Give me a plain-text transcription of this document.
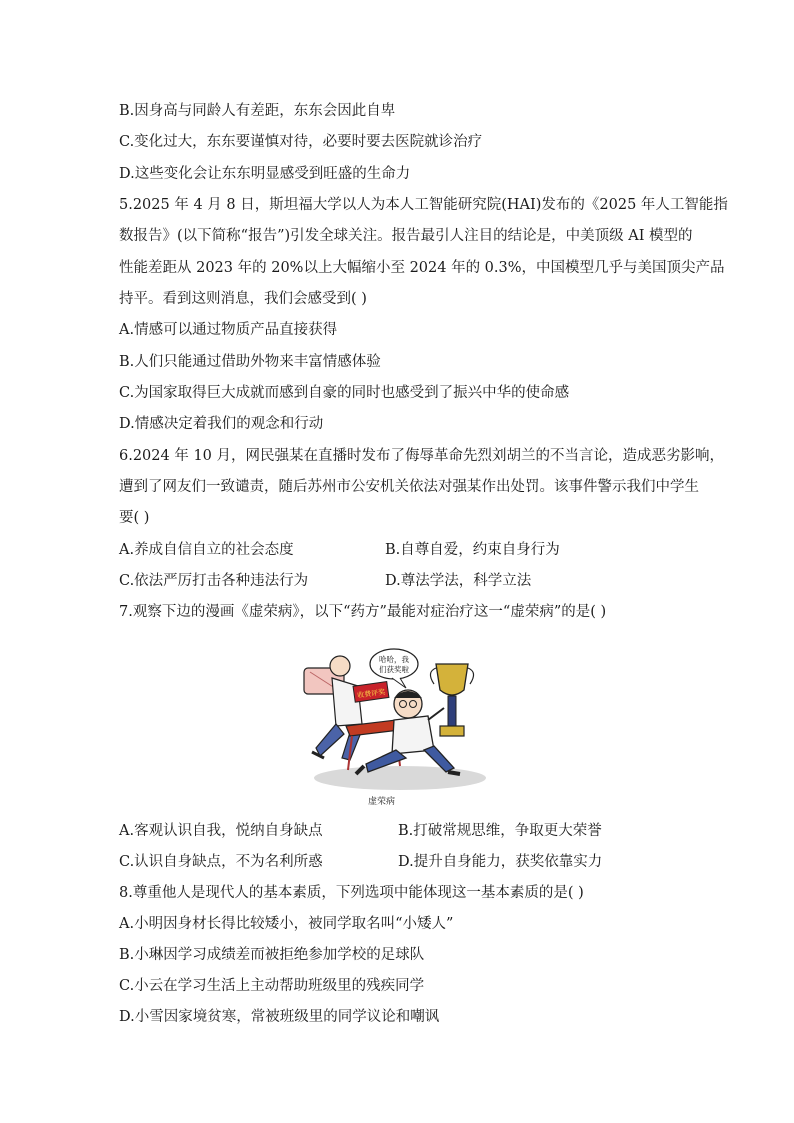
B.因身高与同龄人有差距，东东会因此自卑
C.变化过大，东东要谨慎对待，必要时要去医院就诊治疗
D.这些变化会让东东明显感受到旺盛的生命力
5.2025 年 4 月 8 日，斯坦福大学以人为本人工智能研究院(HAI)发布的《2025 年人工智能指
数报告》(以下简称“报告”)引发全球关注。报告最引人注目的结论是，中美顶级 AI 模型的
性能差距从 2023 年的 20%以上大幅缩小至 2024 年的 0.3%，中国模型几乎与美国顶尖产品
持平。看到这则消息，我们会感受到( )
A.情感可以通过物质产品直接获得
B.人们只能通过借助外物来丰富情感体验
C.为国家取得巨大成就而感到自豪的同时也感受到了振兴中华的使命感
D.情感决定着我们的观念和行动
6.2024 年 10 月，网民强某在直播时发布了侮辱革命先烈刘胡兰的不当言论，造成恶劣影响，
遭到了网友们一致谴责，随后苏州市公安机关依法对强某作出处罚。该事件警示我们中学生
要( )
A.养成自信自立的社会态度	B.自尊自爱，约束自身行为
C.依法严厉打击各种违法行为	D.尊法学法，科学立法
7.观察下边的漫画《虚荣病》，以下“药方”最能对症治疗这一“虚荣病”的是( )
收费评奖
哈哈，我
们获奖啦
虚荣病
A.客观认识自我，悦纳自身缺点	B.打破常规思维，争取更大荣誉
C.认识自身缺点，不为名利所惑	D.提升自身能力，获奖依靠实力
8.尊重他人是现代人的基本素质，下列选项中能体现这一基本素质的是( )
A.小明因身材长得比较矮小，被同学取名叫“小矮人”
B.小琳因学习成绩差而被拒绝参加学校的足球队
C.小云在学习生活上主动帮助班级里的残疾同学
D.小雪因家境贫寒，常被班级里的同学议论和嘲讽
